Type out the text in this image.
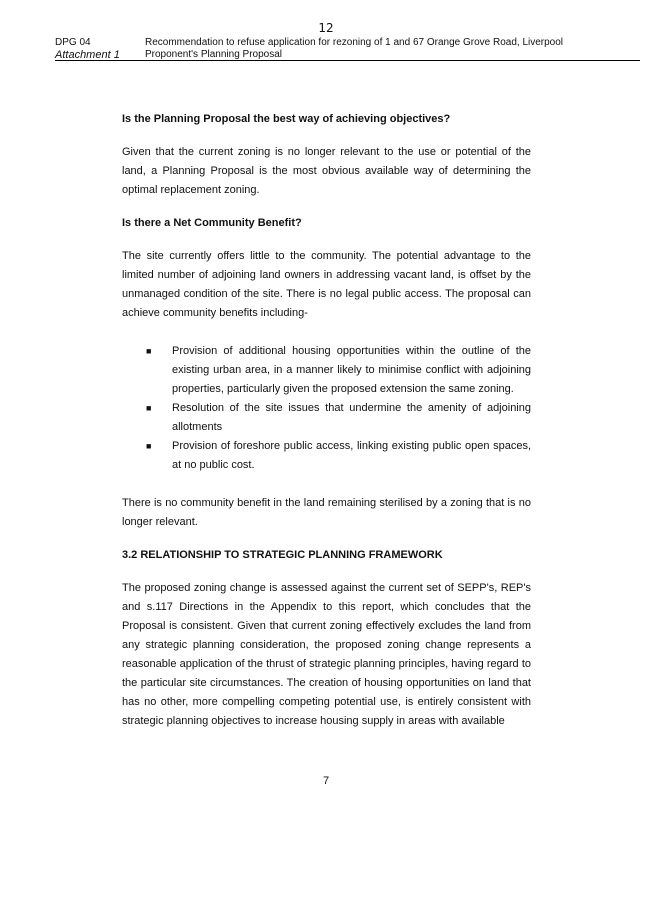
12
DPG 04
Attachment 1
Recommendation to refuse application for rezoning of 1 and 67 Orange Grove Road, Liverpool
Proponent's Planning Proposal
Is the Planning Proposal the best way of achieving objectives?

Given that the current zoning is no longer relevant to the use or potential of the land, a Planning Proposal is the most obvious available way of determining the optimal replacement zoning.

Is there a Net Community Benefit?

The site currently offers little to the community. The potential advantage to the limited number of adjoining land owners in addressing vacant land, is offset by the unmanaged condition of the site. There is no legal public access. The proposal can achieve community benefits including-

■ Provision of additional housing opportunities within the outline of the existing urban area, in a manner likely to minimise conflict with adjoining properties, particularly given the proposed extension the same zoning.
■ Resolution of the site issues that undermine the amenity of adjoining allotments
■ Provision of foreshore public access, linking existing public open spaces, at no public cost.

There is no community benefit in the land remaining sterilised by a zoning that is no longer relevant.

3.2 RELATIONSHIP TO STRATEGIC PLANNING FRAMEWORK

The proposed zoning change is assessed against the current set of SEPP's, REP's and s.117 Directions in the Appendix to this report, which concludes that the Proposal is consistent. Given that current zoning effectively excludes the land from any strategic planning consideration, the proposed zoning change represents a reasonable application of the thrust of strategic planning principles, having regard to the particular site circumstances. The creation of housing opportunities on land that has no other, more compelling competing potential use, is entirely consistent with strategic planning objectives to increase housing supply in areas with available

7
